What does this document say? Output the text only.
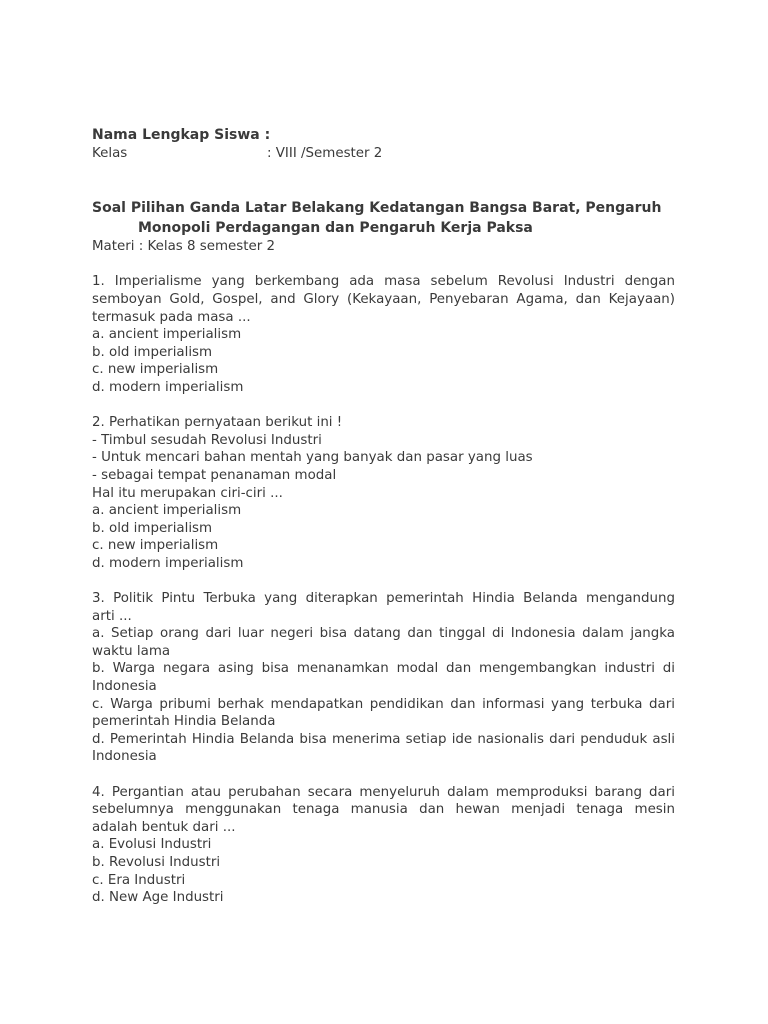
Nama Lengkap Siswa :
Kelas	: VIII /Semester 2
Soal Pilihan Ganda Latar Belakang Kedatangan Bangsa Barat, Pengaruh
Monopoli Perdagangan dan Pengaruh Kerja Paksa
Materi : Kelas 8 semester 2
1. Imperialisme yang berkembang ada masa sebelum Revolusi Industri dengan
semboyan Gold, Gospel, and Glory (Kekayaan, Penyebaran Agama, dan Kejayaan)
termasuk pada masa ...
a. ancient imperialism
b. old imperialism
c. new imperialism
d. modern imperialism
2. Perhatikan pernyataan berikut ini !
- Timbul sesudah Revolusi Industri
- Untuk mencari bahan mentah yang banyak dan pasar yang luas
- sebagai tempat penanaman modal
Hal itu merupakan ciri-ciri ...
a. ancient imperialism
b. old imperialism
c. new imperialism
d. modern imperialism
3. Politik Pintu Terbuka yang diterapkan pemerintah Hindia Belanda mengandung
arti ...
a. Setiap orang dari luar negeri bisa datang dan tinggal di Indonesia dalam jangka
waktu lama
b. Warga negara asing bisa menanamkan modal dan mengembangkan industri di
Indonesia
c. Warga pribumi berhak mendapatkan pendidikan dan informasi yang terbuka dari
pemerintah Hindia Belanda
d. Pemerintah Hindia Belanda bisa menerima setiap ide nasionalis dari penduduk asli
Indonesia
4. Pergantian atau perubahan secara menyeluruh dalam memproduksi barang dari
sebelumnya menggunakan tenaga manusia dan hewan menjadi tenaga mesin
adalah bentuk dari ...
a. Evolusi Industri
b. Revolusi Industri
c. Era Industri
d. New Age Industri
